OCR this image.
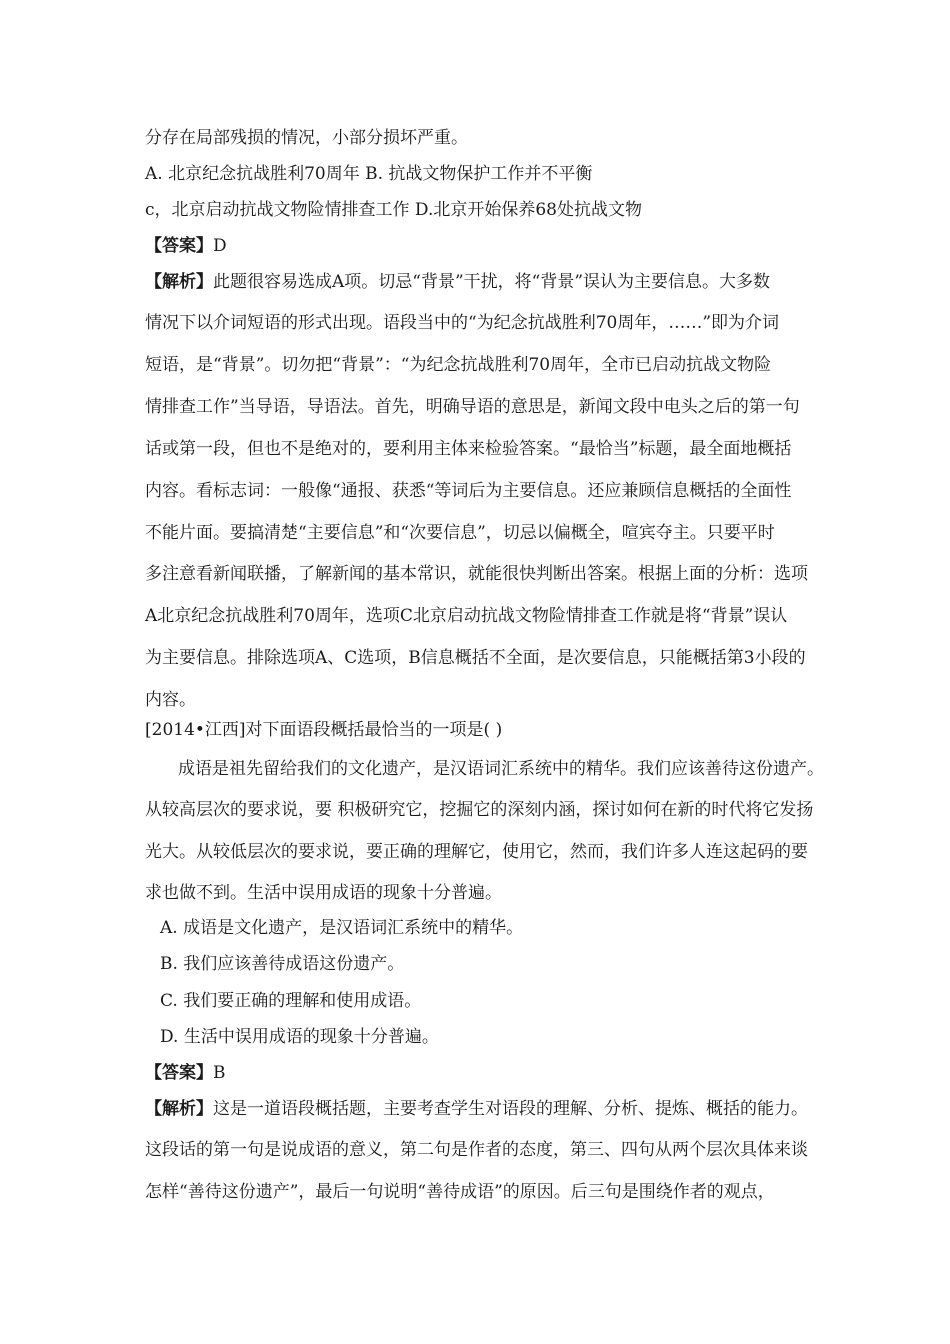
分存在局部残损的情况，小部分损坏严重。
A. 北京纪念抗战胜利70周年 B. 抗战文物保护工作并不平衡
c，北京启动抗战文物险情排查工作 D.北京开始保养68处抗战文物
【答案】D
【解析】此题很容易选成A项。切忌“背景”干扰，将“背景”误认为主要信息。大多数
情况下以介词短语的形式出现。语段当中的“为纪念抗战胜利70周年，……”即为介词
短语，是“背景”。切勿把“背景”：“为纪念抗战胜利70周年，全市已启动抗战文物险
情排查工作”当导语，导语法。首先，明确导语的意思是，新闻文段中电头之后的第一句
话或第一段，但也不是绝对的，要利用主体来检验答案。“最恰当”标题，最全面地概括
内容。看标志词：一般像“通报、获悉“等词后为主要信息。还应兼顾信息概括的全面性
不能片面。要搞清楚“主要信息”和“次要信息”，切忌以偏概全，喧宾夺主。只要平时
多注意看新闻联播，了解新闻的基本常识，就能很快判断出答案。根据上面的分析：选项
A北京纪念抗战胜利70周年，选项C北京启动抗战文物险情排查工作就是将“背景”误认
为主要信息。排除选项A、C选项，B信息概括不全面，是次要信息，只能概括第3小段的
内容。
[2014•江西]对下面语段概括最恰当的一项是( )
成语是祖先留给我们的文化遗产，是汉语词汇系统中的精华。我们应该善待这份遗产。
从较高层次的要求说，要 积极研究它，挖掘它的深刻内涵，探讨如何在新的时代将它发扬
光大。从较低层次的要求说，要正确的理解它，使用它，然而，我们许多人连这起码的要
求也做不到。生活中误用成语的现象十分普遍。
A. 成语是文化遗产，是汉语词汇系统中的精华。
B. 我们应该善待成语这份遗产。
C. 我们要正确的理解和使用成语。
D. 生活中误用成语的现象十分普遍。
【答案】B
【解析】这是一道语段概括题，主要考查学生对语段的理解、分析、提炼、概括的能力。
这段话的第一句是说成语的意义，第二句是作者的态度，第三、四句从两个层次具体来谈
怎样“善待这份遗产”，最后一句说明“善待成语”的原因。后三句是围绕作者的观点，
